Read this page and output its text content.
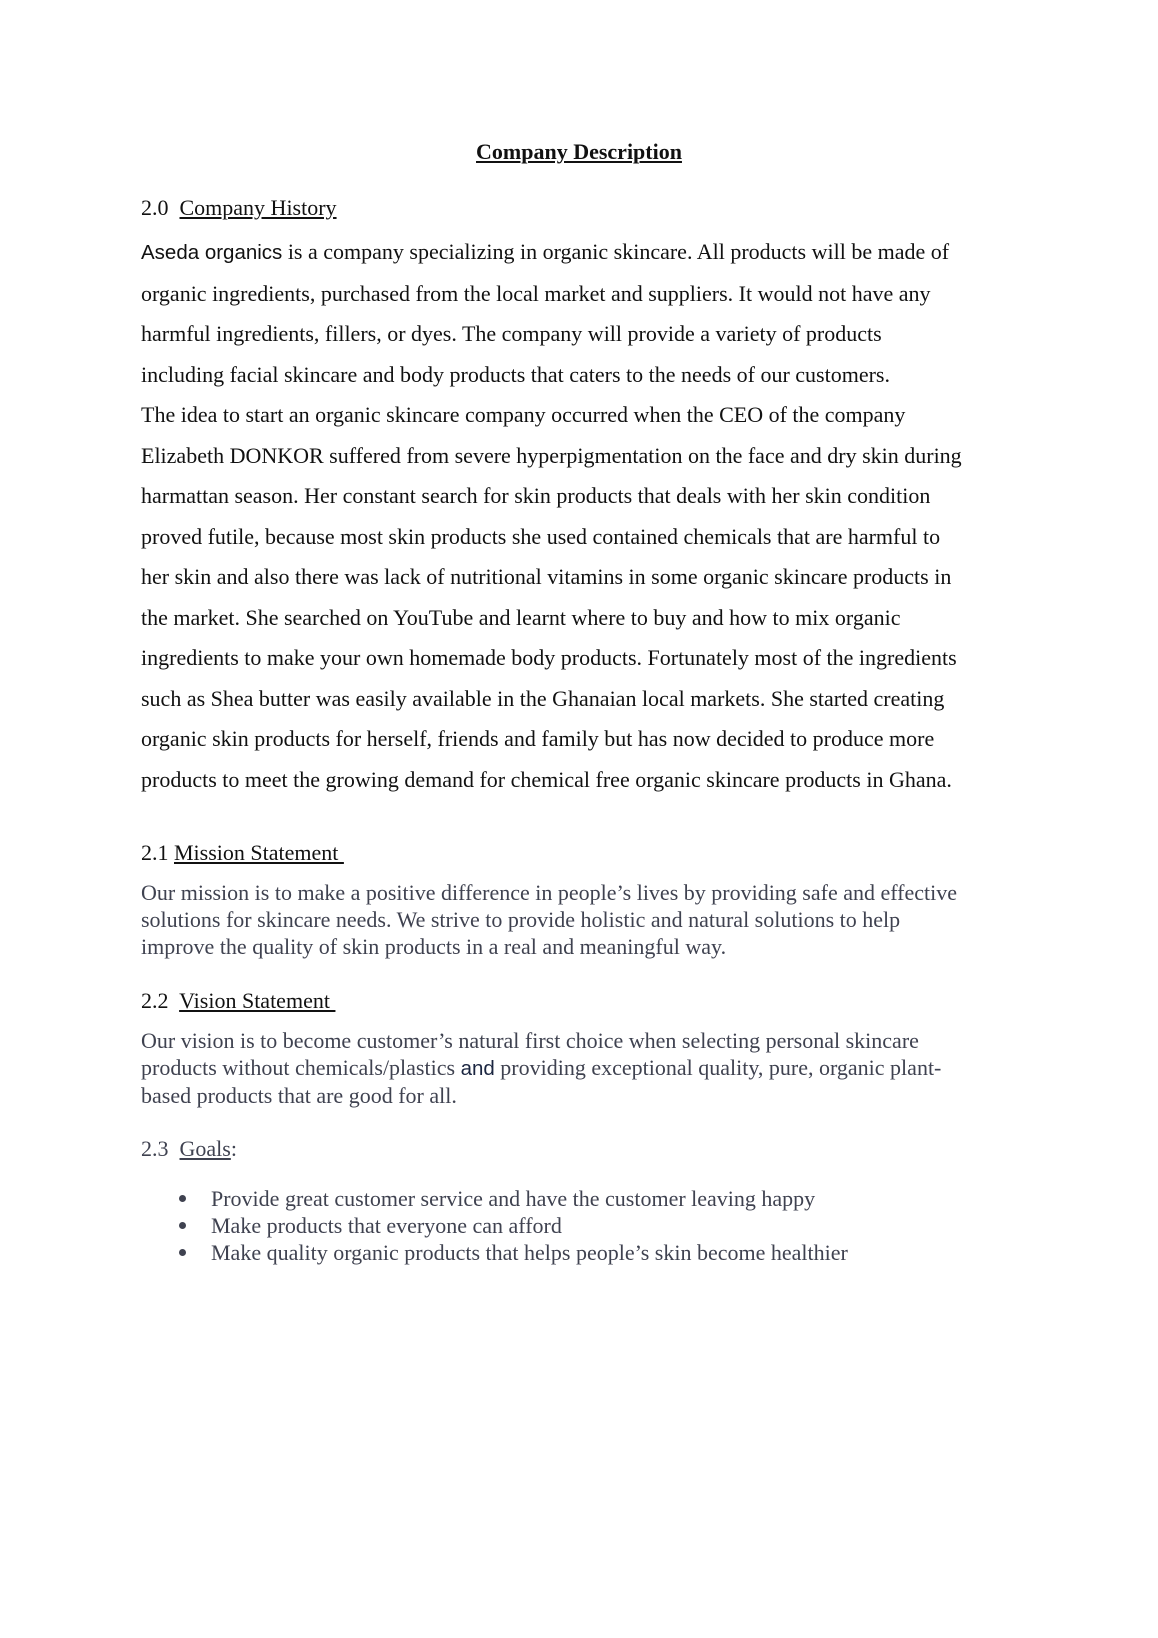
Company Description
2.0 Company History
Aseda organics is a company specializing in organic skincare. All products will be made of
organic ingredients, purchased from the local market and suppliers. It would not have any
harmful ingredients, fillers, or dyes. The company will provide a variety of products
including facial skincare and body products that caters to the needs of our customers.
The idea to start an organic skincare company occurred when the CEO of the company
Elizabeth DONKOR suffered from severe hyperpigmentation on the face and dry skin during
harmattan season. Her constant search for skin products that deals with her skin condition
proved futile, because most skin products she used contained chemicals that are harmful to
her skin and also there was lack of nutritional vitamins in some organic skincare products in
the market. She searched on YouTube and learnt where to buy and how to mix organic
ingredients to make your own homemade body products. Fortunately most of the ingredients
such as Shea butter was easily available in the Ghanaian local markets. She started creating
organic skin products for herself, friends and family but has now decided to produce more
products to meet the growing demand for chemical free organic skincare products in Ghana.
2.1 Mission Statement
Our mission is to make a positive difference in people’s lives by providing safe and effective
solutions for skincare needs. We strive to provide holistic and natural solutions to help
improve the quality of skin products in a real and meaningful way.
2.2 Vision Statement
Our vision is to become customer’s natural first choice when selecting personal skincare
products without chemicals/plastics and providing exceptional quality, pure, organic plant-
based products that are good for all.
2.3 Goals:
Provide great customer service and have the customer leaving happy
Make products that everyone can afford
Make quality organic products that helps people’s skin become healthier
